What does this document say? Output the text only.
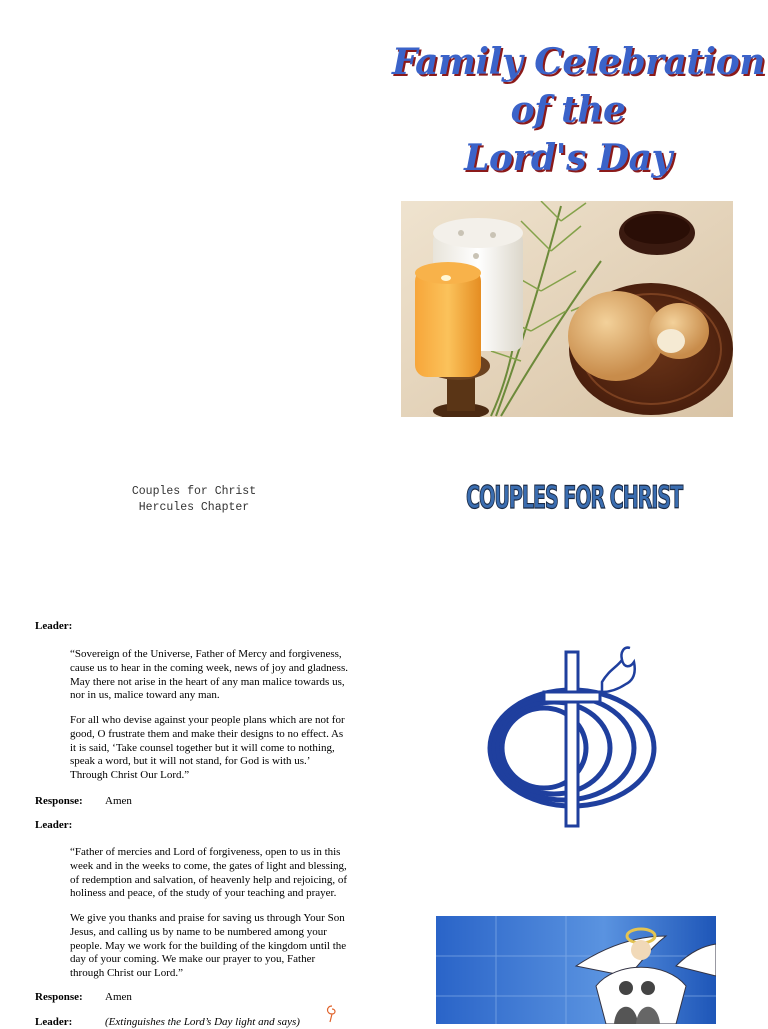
Family Celebration
of the
Lord's Day
Couples for Christ
Hercules Chapter	COUPLES FOR CHRIST
Leader:
“Sovereign of the Universe, Father of Mercy and forgiveness,
cause us to hear in the coming week, news of joy and gladness.
May there not arise in the heart of any man malice towards us,
nor in us, malice toward any man.
For all who devise against your people plans which are not for
good, O frustrate them and make their designs to no effect. As
it is said, ‘Take counsel together but it will come to nothing,
speak a word, but it will not stand, for God is with us.’
Through Christ Our Lord.”
Response: Amen
Leader:
“Father of mercies and Lord of forgiveness, open to us in this
week and in the weeks to come, the gates of light and blessing,
of redemption and salvation, of heavenly help and rejoicing, of
holiness and peace, of the study of your teaching and prayer.
We give you thanks and praise for saving us through Your Son
Jesus, and calling us by name to be numbered among your
people. May we work for the building of the kingdom until the
day of your coming. We make our prayer to you, Father
through Christ our Lord.”
Response: Amen
Leader:	(Extinguishes the Lord’s Day light and says)
